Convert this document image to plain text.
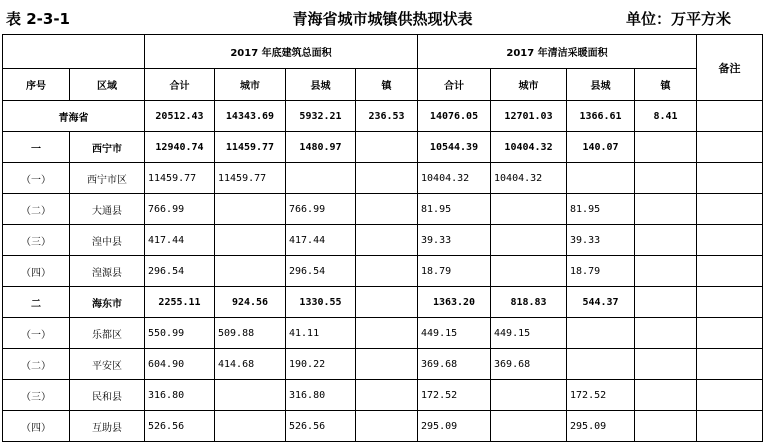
表 2-3-1	青海省城市城镇供热现状表	单位：万平方米
		2017 年底建筑总面积				2017 年清洁采暖面积				备注
序号	区域	合计	城市	县城	镇	合计	城市	县城	镇	
青海省		20512.43	14343.69	5932.21	236.53	14076.05	12701.03	1366.61	8.41	
一	西宁市	12940.74	11459.77	1480.97		10544.39	10404.32	140.07		
（一）	西宁市区	11459.77	11459.77			10404.32	10404.32			
（二）	大通县	766.99		766.99		81.95		81.95		
（三）	湟中县	417.44		417.44		39.33		39.33		
（四）	湟源县	296.54		296.54		18.79		18.79		
二	海东市	2255.11	924.56	1330.55		1363.20	818.83	544.37		
（一）	乐都区	550.99	509.88	41.11		449.15	449.15			
（二）	平安区	604.90	414.68	190.22		369.68	369.68			
（三）	民和县	316.80		316.80		172.52		172.52		
（四）	互助县	526.56		526.56		295.09		295.09		
